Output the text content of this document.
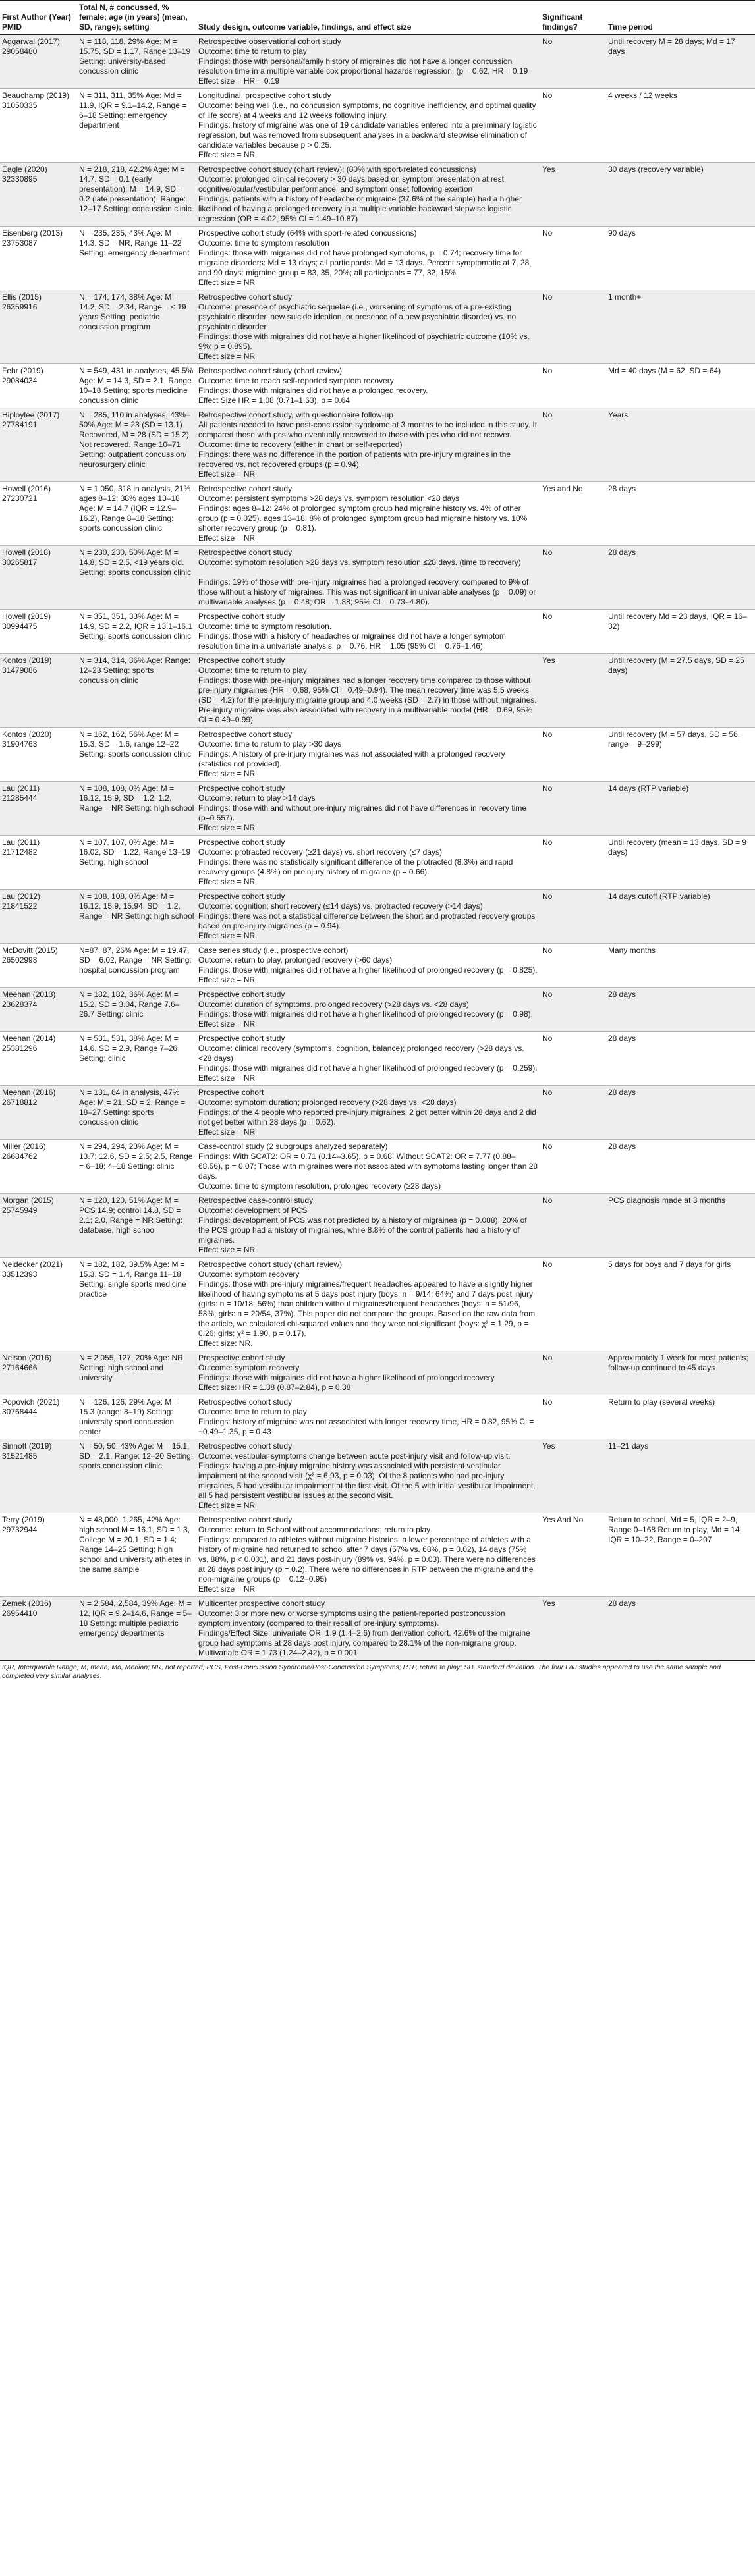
First Author (Year) PMID	Total N, # concussed, % female; age (in years) (mean, SD, range); setting	Study design, outcome variable, findings, and effect size	Significant findings?	Time period

Aggarwal (2017)
29058480	N = 118, 118, 29% Age: M = 15.75, SD = 1.17, Range 13–19 Setting: university-based concussion clinic	Retrospective observational cohort study
Outcome: time to return to play
Findings: those with personal/family history of migraines did not have a longer concussion resolution time in a multiple variable cox proportional hazards regression, (p = 0.62, HR = 0.19
Effect size = HR = 0.19	No	Until recovery M = 28 days; Md = 17 days

Beauchamp (2019)
31050335	N = 311, 311, 35% Age: Md = 11.9, IQR = 9.1–14.2, Range = 6–18 Setting: emergency department	Longitudinal, prospective cohort study
Outcome: being well (i.e., no concussion symptoms, no cognitive inefficiency, and optimal quality of life score) at 4 weeks and 12 weeks following injury.
Findings: history of migraine was one of 19 candidate variables entered into a preliminary logistic regression, but was removed from subsequent analyses in a backward stepwise elimination of candidate variables because p > 0.25.
Effect size = NR	No	4 weeks / 12 weeks

Eagle (2020)
32330895	N = 218, 218, 42.2% Age: M = 14.7, SD = 0.1 (early presentation); M = 14.9, SD = 0.2 (late presentation); Range: 12–17 Setting: concussion clinic	Retrospective cohort study (chart review); (80% with sport-related concussions)
Outcome: prolonged clinical recovery > 30 days based on symptom presentation at rest, cognitive/ocular/vestibular performance, and symptom onset following exertion
Findings: patients with a history of headache or migraine (37.6% of the sample) had a higher likelihood of having a prolonged recovery in a multiple variable backward stepwise logistic regression (OR = 4.02, 95% CI = 1.49–10.87)	Yes	30 days (recovery variable)

Eisenberg (2013)
23753087	N = 235, 235, 43% Age: M = 14.3, SD = NR, Range 11–22 Setting: emergency department	Prospective cohort study (64% with sport-related concussions)
Outcome: time to symptom resolution
Findings: those with migraines did not have prolonged symptoms, p = 0.74; recovery time for migraine disorders: Md = 13 days; all participants: Md = 13 days. Percent symptomatic at 7, 28, and 90 days: migraine group = 83, 35, 20%; all participants = 77, 32, 15%.
Effect size = NR	No	90 days

Ellis (2015)
26359916	N = 174, 174, 38% Age: M = 14.2, SD = 2.34, Range = ≤ 19 years Setting: pediatric concussion program	Retrospective cohort study
Outcome: presence of psychiatric sequelae (i.e., worsening of symptoms of a pre-existing psychiatric disorder, new suicide ideation, or presence of a new psychiatric disorder) vs. no psychiatric disorder
Findings: those with migraines did not have a higher likelihood of psychiatric outcome (10% vs. 9%; p = 0.895).
Effect size = NR	No	1 month+

Fehr (2019)
29084034	N = 549, 431 in analyses, 45.5% Age: M = 14.3, SD = 2.1, Range 10–18 Setting: sports medicine concussion clinic	Retrospective cohort study (chart review)
Outcome: time to reach self-reported symptom recovery
Findings: those with migraines did not have a prolonged recovery.
Effect Size HR = 1.08 (0.71–1.63), p = 0.64	No	Md = 40 days (M = 62, SD = 64)

Hiploylee (2017)
27784191	N = 285, 110 in analyses, 43%–50% Age: M = 23 (SD = 13.1) Recovered, M = 28 (SD = 15.2) Not recovered. Range 10–71 Setting: outpatient concussion/ neurosurgery clinic	Retrospective cohort study, with questionnaire follow-up
All patients needed to have post-concussion syndrome at 3 months to be included in this study. It compared those with pcs who eventually recovered to those with pcs who did not recover.
Outcome: time to recovery (either in chart or self-reported)
Findings: there was no difference in the portion of patients with pre-injury migraines in the recovered vs. not recovered groups (p = 0.94).
Effect size = NR	No	Years

Howell (2016)
27230721	N = 1,050, 318 in analysis, 21% ages 8–12; 38% ages 13–18 Age: M = 14.7 (IQR = 12.9–16.2), Range 8–18 Setting: sports concussion clinic	Retrospective cohort study
Outcome: persistent symptoms >28 days vs. symptom resolution <28 days
Findings: ages 8–12: 24% of prolonged symptom group had migraine history vs. 4% of other group (p = 0.025). ages 13–18: 8% of prolonged symptom group had migraine history vs. 10% shorter recovery group (p = 0.81).
Effect size = NR	Yes and No	28 days

Howell (2018)
30265817	N = 230, 230, 50% Age: M = 14.8, SD = 2.5, <19 years old. Setting: sports concussion clinic	Retrospective cohort study
Outcome: symptom resolution >28 days vs. symptom resolution ≤28 days. (time to recovery)

Findings: 19% of those with pre-injury migraines had a prolonged recovery, compared to 9% of those without a history of migraines. This was not significant in univariable analyses (p = 0.09) or multivariable analyses (p = 0.48; OR = 1.88; 95% CI = 0.73–4.80).	No	28 days

Howell (2019)
30994475	N = 351, 351, 33% Age: M = 14.9, SD = 2.2, IQR = 13.1–16.1 Setting: sports concussion clinic	Prospective cohort study
Outcome: time to symptom resolution.
Findings: those with a history of headaches or migraines did not have a longer symptom resolution time in a univariate analysis, p = 0.76, HR = 1.05 (95% CI = 0.76–1.46).	No	Until recovery Md = 23 days, IQR = 16–32)

Kontos (2019)
31479086	N = 314, 314, 36% Age: Range: 12–23 Setting: sports concussion clinic	Prospective cohort study
Outcome: time to return to play
Findings: those with pre-injury migraines had a longer recovery time compared to those without pre-injury migraines (HR = 0.68, 95% CI = 0.49–0.94). The mean recovery time was 5.5 weeks (SD = 4.2) for the pre-injury migraine group and 4.0 weeks (SD = 2.7) in those without migraines. Pre-injury migraine was also associated with recovery in a multivariable model (HR = 0.69, 95% CI = 0.49–0.99)	Yes	Until recovery (M = 27.5 days, SD = 25 days)

Kontos (2020)
31904763	N = 162, 162, 56% Age: M = 15.3, SD = 1.6, range 12–22 Setting: sports concussion clinic	Retrospective cohort study
Outcome: time to return to play >30 days
Findings: A history of pre-injury migraines was not associated with a prolonged recovery (statistics not provided).
Effect size = NR	No	Until recovery (M = 57 days, SD = 56, range = 9–299)

Lau (2011)
21285444	N = 108, 108, 0% Age: M = 16.12, 15.9, SD = 1.2, 1.2, Range = NR Setting: high school	Prospective cohort study
Outcome: return to play >14 days
Findings: those with and without pre-injury migraines did not have differences in recovery time (p=0.557).
Effect size = NR	No	14 days (RTP variable)

Lau (2011)
21712482	N = 107, 107, 0% Age: M = 16.02, SD = 1.22, Range 13–19 Setting: high school	Prospective cohort study
Outcome: protracted recovery (≥21 days) vs. short recovery (≤7 days)
Findings: there was no statistically significant difference of the protracted (8.3%) and rapid recovery groups (4.8%) on preinjury history of migraine (p = 0.66).
Effect size = NR	No	Until recovery (mean = 13 days, SD = 9 days)

Lau (2012)
21841522	N = 108, 108, 0% Age: M = 16.12, 15.9, 15.94, SD = 1.2, Range = NR Setting: high school	Prospective cohort study
Outcome: cognition; short recovery (≤14 days) vs. protracted recovery (>14 days)
Findings: there was not a statistical difference between the short and protracted recovery groups based on pre-injury migraines (p = 0.94).
Effect size = NR	No	14 days cutoff (RTP variable)

McDovitt (2015)
26502998	N=87, 87, 26% Age: M = 19.47, SD = 6.02, Range = NR Setting: hospital concussion program	Case series study (i.e., prospective cohort)
Outcome: return to play, prolonged recovery (>60 days)
Findings: those with migraines did not have a higher likelihood of prolonged recovery (p = 0.825).
Effect size = NR	No	Many months

Meehan (2013)
23628374	N = 182, 182, 36% Age: M = 15.2, SD = 3.04, Range 7.6–26.7 Setting: clinic	Prospective cohort study
Outcome: duration of symptoms. prolonged recovery (>28 days vs. <28 days)
Findings: those with migraines did not have a higher likelihood of prolonged recovery (p = 0.98).
Effect size = NR	No	28 days

Meehan (2014)
25381296	N = 531, 531, 38% Age: M = 14.6, SD = 2.9, Range 7–26 Setting: clinic	Prospective cohort study
Outcome: clinical recovery (symptoms, cognition, balance); prolonged recovery (>28 days vs. <28 days)
Findings: those with migraines did not have a higher likelihood of prolonged recovery (p = 0.259).
Effect size = NR	No	28 days

Meehan (2016)
26718812	N = 131, 64 in analysis, 47% Age: M = 21, SD = 2, Range = 18–27 Setting: sports concussion clinic	Prospective cohort
Outcome: symptom duration; prolonged recovery (>28 days vs. <28 days)
Findings: of the 4 people who reported pre-injury migraines, 2 got better within 28 days and 2 did not get better within 28 days (p = 0.62).
Effect size = NR	No	28 days

Miller (2016)
26684762	N = 294, 294, 23% Age: M = 13.7; 12.6, SD = 2.5; 2.5, Range = 6–18; 4–18 Setting: clinic	Case-control study (2 subgroups analyzed separately)
Findings: With SCAT2: OR = 0.71 (0.14–3.65), p = 0.68! Without SCAT2: OR = 7.77 (0.88–68.56), p = 0.07; Those with migraines were not associated with symptoms lasting longer than 28 days.
Outcome: time to symptom resolution, prolonged recovery (≥28 days)	No	28 days

Morgan (2015)
25745949	N = 120, 120, 51% Age: M = PCS 14.9; control 14.8, SD = 2.1; 2.0, Range = NR Setting: database, high school	Retrospective case-control study
Outcome: development of PCS
Findings: development of PCS was not predicted by a history of migraines (p = 0.088). 20% of the PCS group had a history of migraines, while 8.8% of the control patients had a history of migraines.
Effect size = NR	No	PCS diagnosis made at 3 months

Neidecker (2021)
33512393	N = 182, 182, 39.5% Age: M = 15.3, SD = 1.4, Range 11–18 Setting: single sports medicine practice	Retrospective cohort study (chart review)
Outcome: symptom recovery
Findings: those with pre-injury migraines/frequent headaches appeared to have a slightly higher likelihood of having symptoms at 5 days post injury (boys: n = 9/14; 64%) and 7 days post injury (girls: n = 10/18; 56%) than children without migraines/frequent headaches (boys: n = 51/96, 53%; girls: n = 20/54, 37%). This paper did not compare the groups. Based on the raw data from the article, we calculated chi-squared values and they were not significant (boys: χ² = 1.29, p = 0.26; girls: χ² = 1.90, p = 0.17).
Effect size: NR.	No	5 days for boys and 7 days for girls

Nelson (2016)
27164666	N = 2,055, 127, 20% Age: NR Setting: high school and university	Prospective cohort study
Outcome: symptom recovery
Findings: those with migraines did not have a higher likelihood of prolonged recovery.
Effect size: HR = 1.38 (0.87–2.84), p = 0.38	No	Approximately 1 week for most patients; follow-up continued to 45 days

Popovich (2021)
30768444	N = 126, 126, 29% Age: M = 15.3 (range: 8–19) Setting: university sport concussion center	Retrospective cohort study
Outcome: time to return to play
Findings: history of migraine was not associated with longer recovery time, HR = 0.82, 95% CI = −0.49–1.35, p = 0.43	No	Return to play (several weeks)

Sinnott (2019)
31521485	N = 50, 50, 43% Age: M = 15.1, SD = 2.1, Range: 12–20 Setting: sports concussion clinic	Retrospective cohort study
Outcome: vestibular symptoms change between acute post-injury visit and follow-up visit.
Findings: having a pre-injury migraine history was associated with persistent vestibular impairment at the second visit (χ² = 6.93, p = 0.03). Of the 8 patients who had pre-injury migraines, 5 had vestibular impairment at the first visit. Of the 5 with initial vestibular impairment, all 5 had persistent vestibular issues at the second visit.
Effect size = NR	Yes	11–21 days

Terry (2019)
29732944	N = 48,000, 1,265, 42% Age: high school M = 16.1, SD = 1.3, College M = 20.1, SD = 1.4; Range 14–25 Setting: high school and university athletes in the same sample	Retrospective cohort study
Outcome: return to School without accommodations; return to play
Findings: compared to athletes without migraine histories, a lower percentage of athletes with a history of migraine had returned to school after 7 days (57% vs. 68%, p = 0.02), 14 days (75% vs. 88%, p < 0.001), and 21 days post-injury (89% vs. 94%, p = 0.03). There were no differences at 28 days post injury (p = 0.2). There were no differences in RTP between the migraine and the non-migraine groups (p = 0.12–0.95)
Effect size = NR	Yes And No	Return to school, Md = 5, IQR = 2–9, Range 0–168 Return to play, Md = 14, IQR = 10–22, Range = 0–207

Zemek (2016)
26954410	N = 2,584, 2,584, 39% Age: M = 12, IQR = 9.2–14.6, Range = 5–18 Setting: multiple pediatric emergency departments	Multicenter prospective cohort study
Outcome: 3 or more new or worse symptoms using the patient-reported postconcussion symptom inventory (compared to their recall of pre-injury symptoms).
Findings/Effect Size: univariate OR=1.9 (1.4–2.6) from derivation cohort. 42.6% of the migraine group had symptoms at 28 days post injury, compared to 28.1% of the non-migraine group. Multivariate OR = 1.73 (1.24–2.42), p = 0.001	Yes	28 days
IQR, Interquartile Range; M, mean; Md, Median; NR, not reported; PCS, Post-Concussion Syndrome/Post-Concussion Symptoms; RTP, return to play; SD, standard deviation. The four Lau studies appeared to use the same sample and completed very similar analyses.
